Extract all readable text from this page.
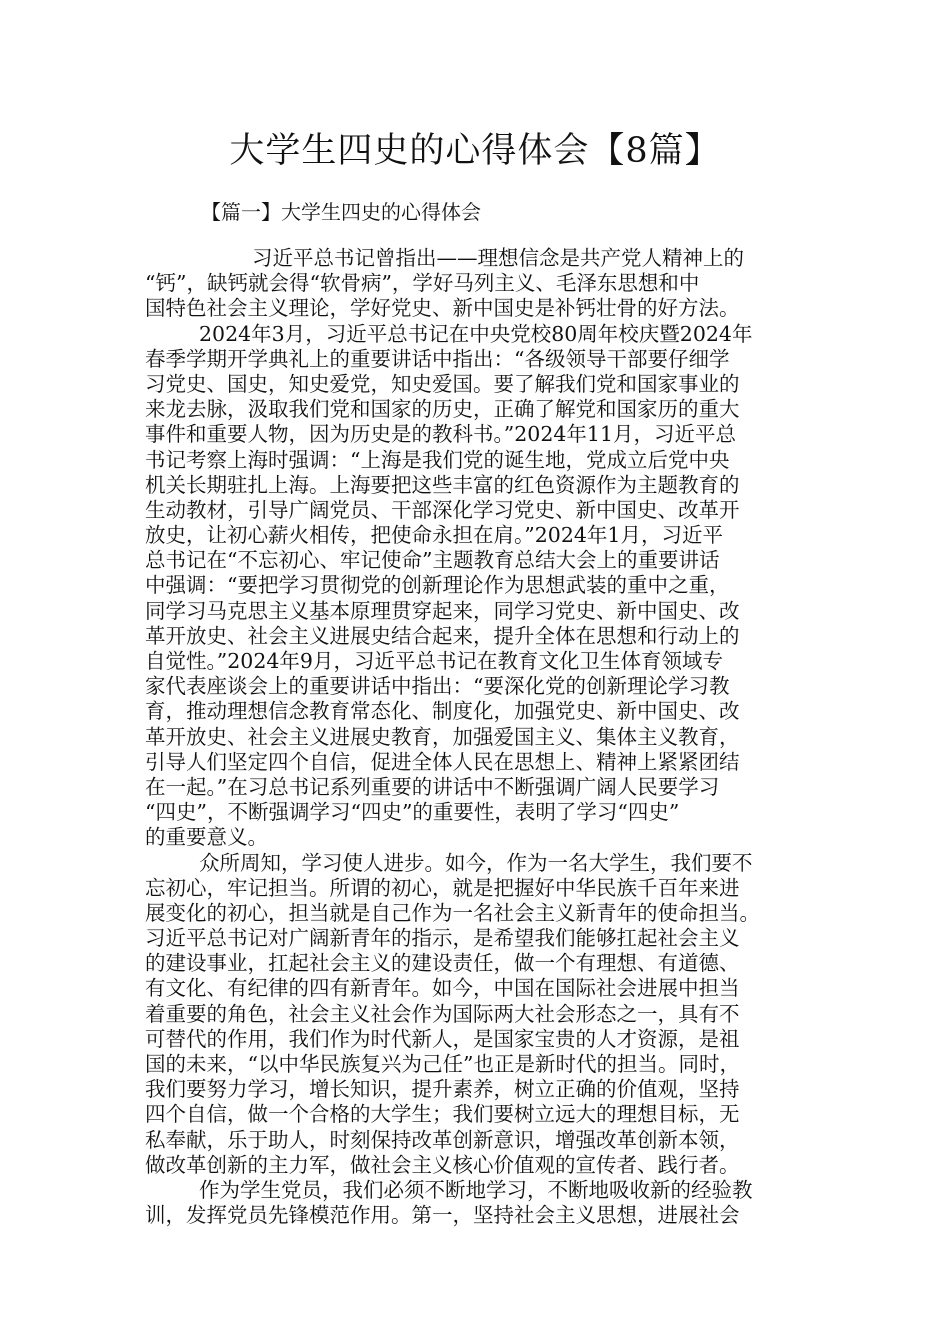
大学生四史的心得体会【8篇】
【篇一】大学生四史的心得体会
习近平总书记曾指出——理想信念是共产党人精神上的
“钙”，缺钙就会得“软骨病”，学好马列主义、毛泽东思想和中
国特色社会主义理论，学好党史、新中国史是补钙壮骨的好方法。
2024年3月，习近平总书记在中央党校80周年校庆暨2024年
春季学期开学典礼上的重要讲话中指出：“各级领导干部要仔细学
习党史、国史，知史爱党，知史爱国。要了解我们党和国家事业的
来龙去脉，汲取我们党和国家的历史，正确了解党和国家历的重大
事件和重要人物，因为历史是的教科书。”2024年11月，习近平总
书记考察上海时强调：“上海是我们党的诞生地，党成立后党中央
机关长期驻扎上海。上海要把这些丰富的红色资源作为主题教育的
生动教材，引导广阔党员、干部深化学习党史、新中国史、改革开
放史，让初心薪火相传，把使命永担在肩。”2024年1月，习近平
总书记在“不忘初心、牢记使命”主题教育总结大会上的重要讲话
中强调：“要把学习贯彻党的创新理论作为思想武装的重中之重，
同学习马克思主义基本原理贯穿起来，同学习党史、新中国史、改
革开放史、社会主义进展史结合起来，提升全体在思想和行动上的
自觉性。”2024年9月，习近平总书记在教育文化卫生体育领域专
家代表座谈会上的重要讲话中指出：“要深化党的创新理论学习教
育，推动理想信念教育常态化、制度化，加强党史、新中国史、改
革开放史、社会主义进展史教育，加强爱国主义、集体主义教育，
引导人们坚定四个自信，促进全体人民在思想上、精神上紧紧团结
在一起。”在习总书记系列重要的讲话中不断强调广阔人民要学习
“四史”，不断强调学习“四史”的重要性，表明了学习“四史”
的重要意义。
众所周知，学习使人进步。如今，作为一名大学生，我们要不
忘初心，牢记担当。所谓的初心，就是把握好中华民族千百年来进
展变化的初心，担当就是自己作为一名社会主义新青年的使命担当。
习近平总书记对广阔新青年的指示，是希望我们能够扛起社会主义
的建设事业，扛起社会主义的建设责任，做一个有理想、有道德、
有文化、有纪律的四有新青年。如今，中国在国际社会进展中担当
着重要的角色，社会主义社会作为国际两大社会形态之一，具有不
可替代的作用，我们作为时代新人，是国家宝贵的人才资源，是祖
国的未来，“以中华民族复兴为己任”也正是新时代的担当。同时，
我们要努力学习，增长知识，提升素养，树立正确的价值观，坚持
四个自信，做一个合格的大学生；我们要树立远大的理想目标，无
私奉献，乐于助人，时刻保持改革创新意识，增强改革创新本领，
做改革创新的主力军，做社会主义核心价值观的宣传者、践行者。
作为学生党员，我们必须不断地学习，不断地吸收新的经验教
训，发挥党员先锋模范作用。第一，坚持社会主义思想，进展社会
